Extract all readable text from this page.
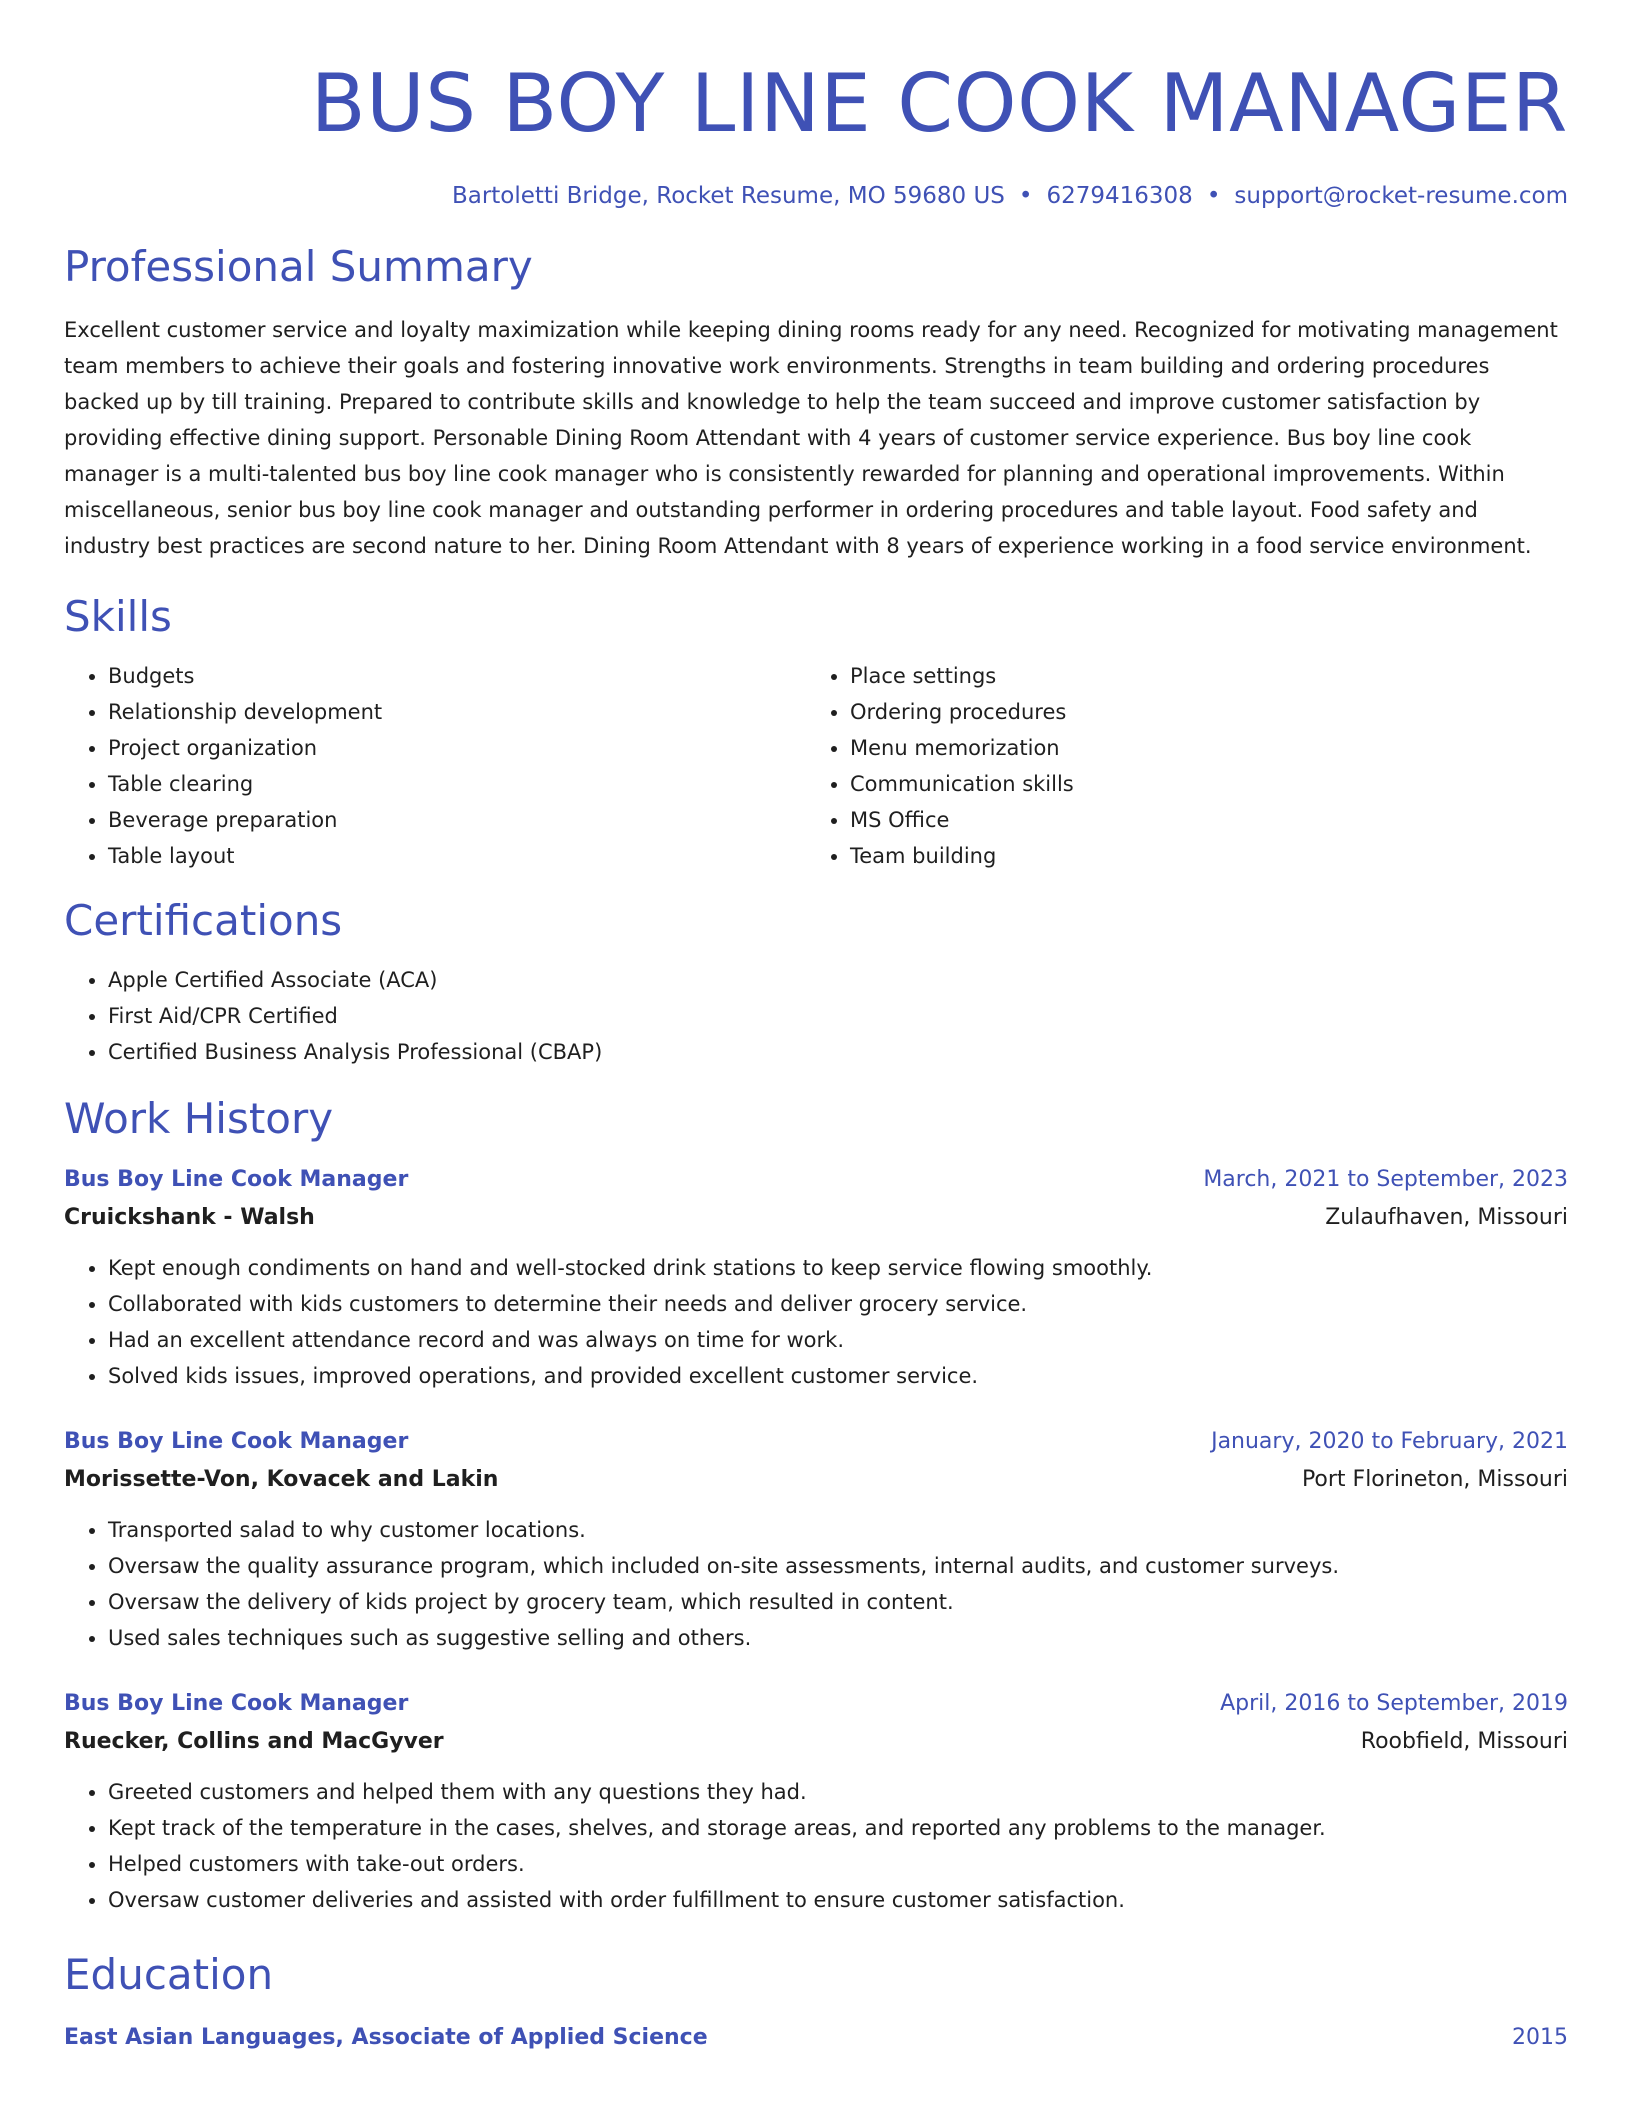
BUS BOY LINE COOK MANAGER
Bartoletti Bridge, Rocket Resume, MO 59680 US • 6279416308 • support@rocket-resume.com
Professional Summary
Excellent customer service and loyalty maximization while keeping dining rooms ready for any need. Recognized for motivating management team members to achieve their goals and fostering innovative work environments. Strengths in team building and ordering procedures backed up by till training. Prepared to contribute skills and knowledge to help the team succeed and improve customer satisfaction by providing effective dining support. Personable Dining Room Attendant with 4 years of customer service experience. Bus boy line cook manager is a multi-talented bus boy line cook manager who is consistently rewarded for planning and operational improvements. Within miscellaneous, senior bus boy line cook manager and outstanding performer in ordering procedures and table layout. Food safety and industry best practices are second nature to her. Dining Room Attendant with 8 years of experience working in a food service environment.
Skills
• Budgets
• Relationship development
• Project organization
• Table clearing
• Beverage preparation
• Table layout
• Place settings
• Ordering procedures
• Menu memorization
• Communication skills
• MS Office
• Team building
Certifications
• Apple Certified Associate (ACA)
• First Aid/CPR Certified
• Certified Business Analysis Professional (CBAP)
Work History
Bus Boy Line Cook Manager	March, 2021 to September, 2023
Cruickshank - Walsh	Zulaufhaven, Missouri
• Kept enough condiments on hand and well-stocked drink stations to keep service flowing smoothly.
• Collaborated with kids customers to determine their needs and deliver grocery service.
• Had an excellent attendance record and was always on time for work.
• Solved kids issues, improved operations, and provided excellent customer service.
Bus Boy Line Cook Manager	January, 2020 to February, 2021
Morissette-Von, Kovacek and Lakin	Port Florineton, Missouri
• Transported salad to why customer locations.
• Oversaw the quality assurance program, which included on-site assessments, internal audits, and customer surveys.
• Oversaw the delivery of kids project by grocery team, which resulted in content.
• Used sales techniques such as suggestive selling and others.
Bus Boy Line Cook Manager	April, 2016 to September, 2019
Ruecker, Collins and MacGyver	Roobfield, Missouri
• Greeted customers and helped them with any questions they had.
• Kept track of the temperature in the cases, shelves, and storage areas, and reported any problems to the manager.
• Helped customers with take-out orders.
• Oversaw customer deliveries and assisted with order fulfillment to ensure customer satisfaction.
Education
East Asian Languages, Associate of Applied Science	2015
